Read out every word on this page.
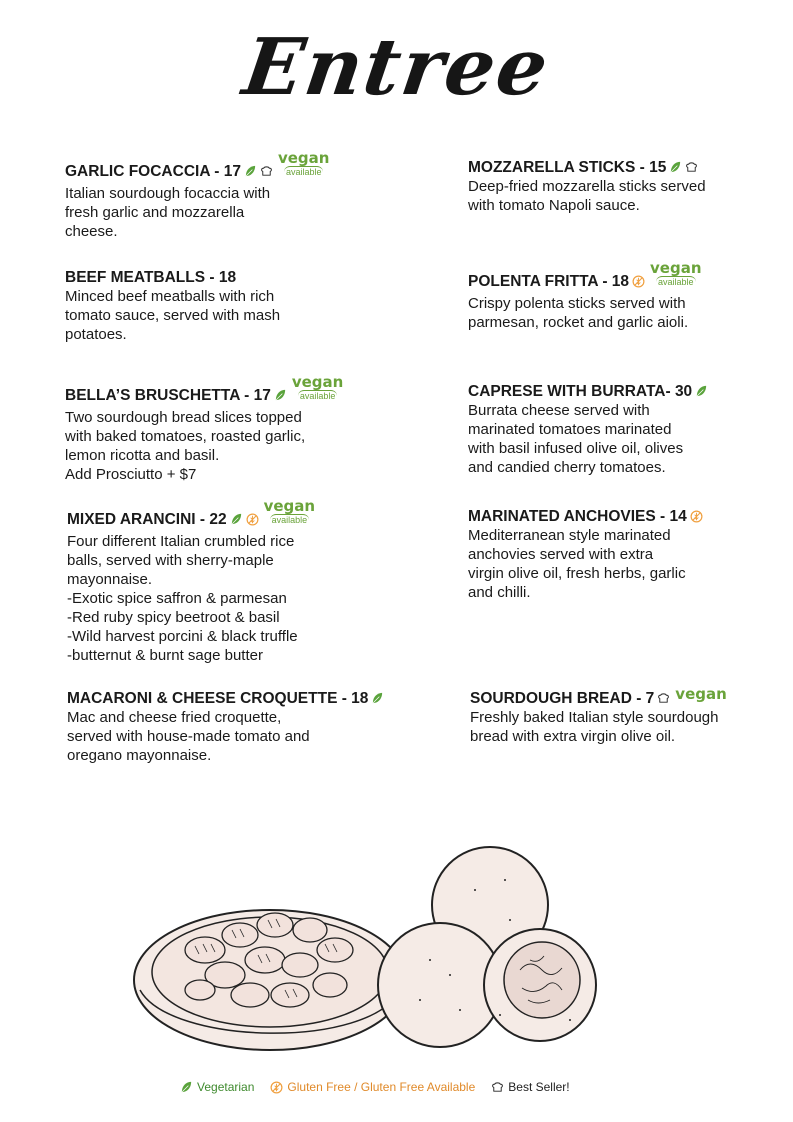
Entree
GARLIC FOCACCIA - 17
vegan
available
Italian sourdough focaccia with
fresh garlic and mozzarella
cheese.
BEEF MEATBALLS - 18
Minced beef meatballs with rich
tomato sauce, served with mash
potatoes.
BELLA’S BRUSCHETTA - 17
vegan
available
Two sourdough bread slices topped
with baked tomatoes, roasted garlic,
lemon ricotta and basil.
Add Prosciutto + $7
MIXED ARANCINI - 22
vegan
available
Four different Italian crumbled rice
balls, served with sherry-maple
mayonnaise.
-Exotic spice saffron & parmesan
-Red ruby spicy beetroot & basil
-Wild harvest porcini & black truffle
-butternut & burnt sage butter
MACARONI & CHEESE CROQUETTE - 18
Mac and cheese fried croquette,
served with house-made tomato and
oregano mayonnaise.
MOZZARELLA STICKS - 15
Deep-fried mozzarella sticks served
with tomato Napoli sauce.
POLENTA FRITTA - 18
vegan
available
Crispy polenta sticks served with
parmesan, rocket and garlic aioli.
CAPRESE WITH BURRATA- 30
Burrata cheese served with
marinated tomatoes marinated
with basil infused olive oil, olives
and candied cherry tomatoes.
MARINATED ANCHOVIES - 14
Mediterranean style marinated
anchovies served with extra
virgin olive oil, fresh herbs, garlic
and chilli.
SOURDOUGH BREAD - 7 vegan
Freshly baked Italian style sourdough
bread with extra virgin olive oil.
Vegetarian	Gluten Free / Gluten Free Available	Best Seller!
